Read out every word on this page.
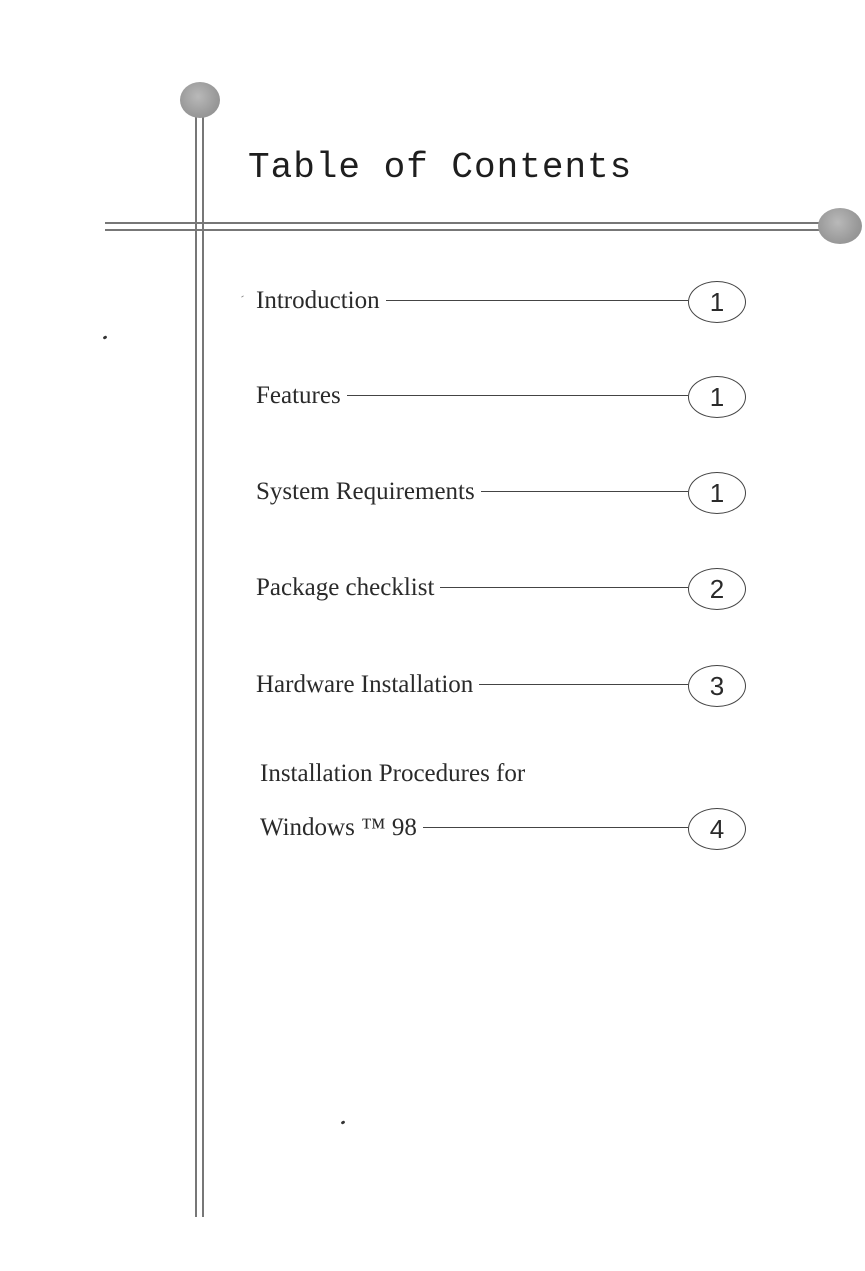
Table of Contents
Introduction	1
Features	1
System Requirements	1
Package checklist	2
Hardware Installation	3
Installation Procedures for
Windows ™ 98	4
